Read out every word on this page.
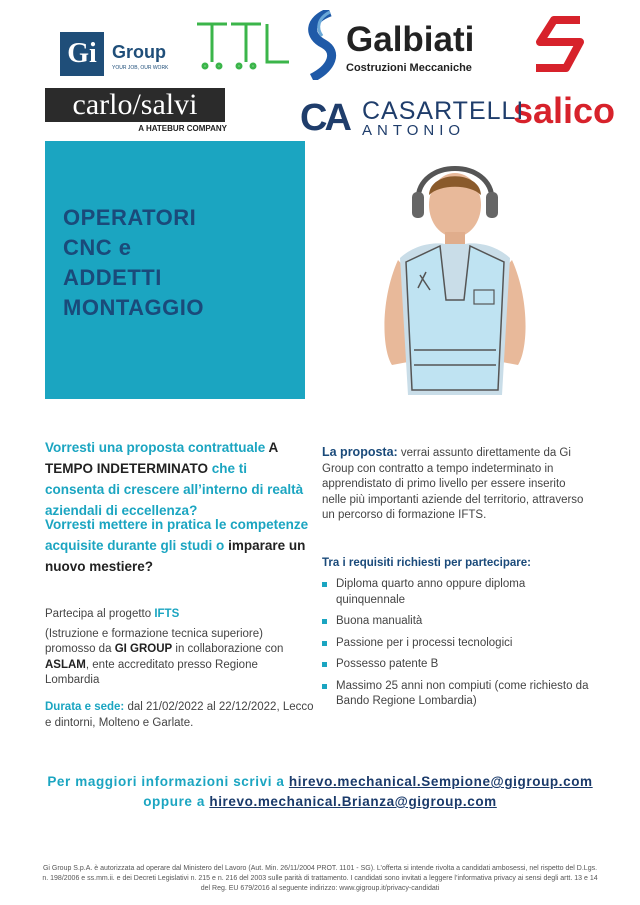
Gi Group
YOUR JOB, OUR WORK
Galbiati
Costruzioni Meccaniche
salico
carlo/salvi
A HATEBUR COMPANY CA CASARTELLI
ANTONIO
OPERATORI
CNC e
ADDETTI
MONTAGGIO
Vorresti una proposta contrattuale A TEMPO INDETERMINATO che ti consenta di crescere all’interno di realtà aziendali di eccellenza?
Vorresti mettere in pratica le competenze acquisite durante gli studi o imparare un nuovo mestiere?
Partecipa al progetto IFTS
(Istruzione e formazione tecnica superiore) promosso da GI GROUP in collaborazione con ASLAM, ente accreditato presso Regione Lombardia
Durata e sede: dal 21/02/2022 al 22/12/2022, Lecco e dintorni, Molteno e Garlate.
La proposta: verrai assunto direttamente da Gi Group con contratto a tempo indeterminato in apprendistato di primo livello per essere inserito nelle più importanti aziende del territorio, attraverso un percorso di formazione IFTS.
Tra i requisiti richiesti per partecipare:
Diploma quarto anno oppure diploma quinquennale
Buona manualità
Passione per i processi tecnologici
Possesso patente B
Massimo 25 anni non compiuti (come richiesto da Bando Regione Lombardia)
Per maggiori informazioni scrivi a hirevo.mechanical.Sempione@gigroup.com
oppure a hirevo.mechanical.Brianza@gigroup.com
Gi Group S.p.A. è autorizzata ad operare dal Ministero del Lavoro (Aut. Min. 26/11/2004 PROT. 1101 - SG). L’offerta si intende rivolta a candidati ambosessi, nel rispetto del D.Lgs. n. 198/2006 e ss.mm.ii. e dei Decreti Legislativi n. 215 e n. 216 del 2003 sulle parità di trattamento. I candidati sono invitati a leggere l’informativa privacy ai sensi degli artt. 13 e 14 del Reg. EU 679/2016 al seguente indirizzo: www.gigroup.it/privacy-candidati
